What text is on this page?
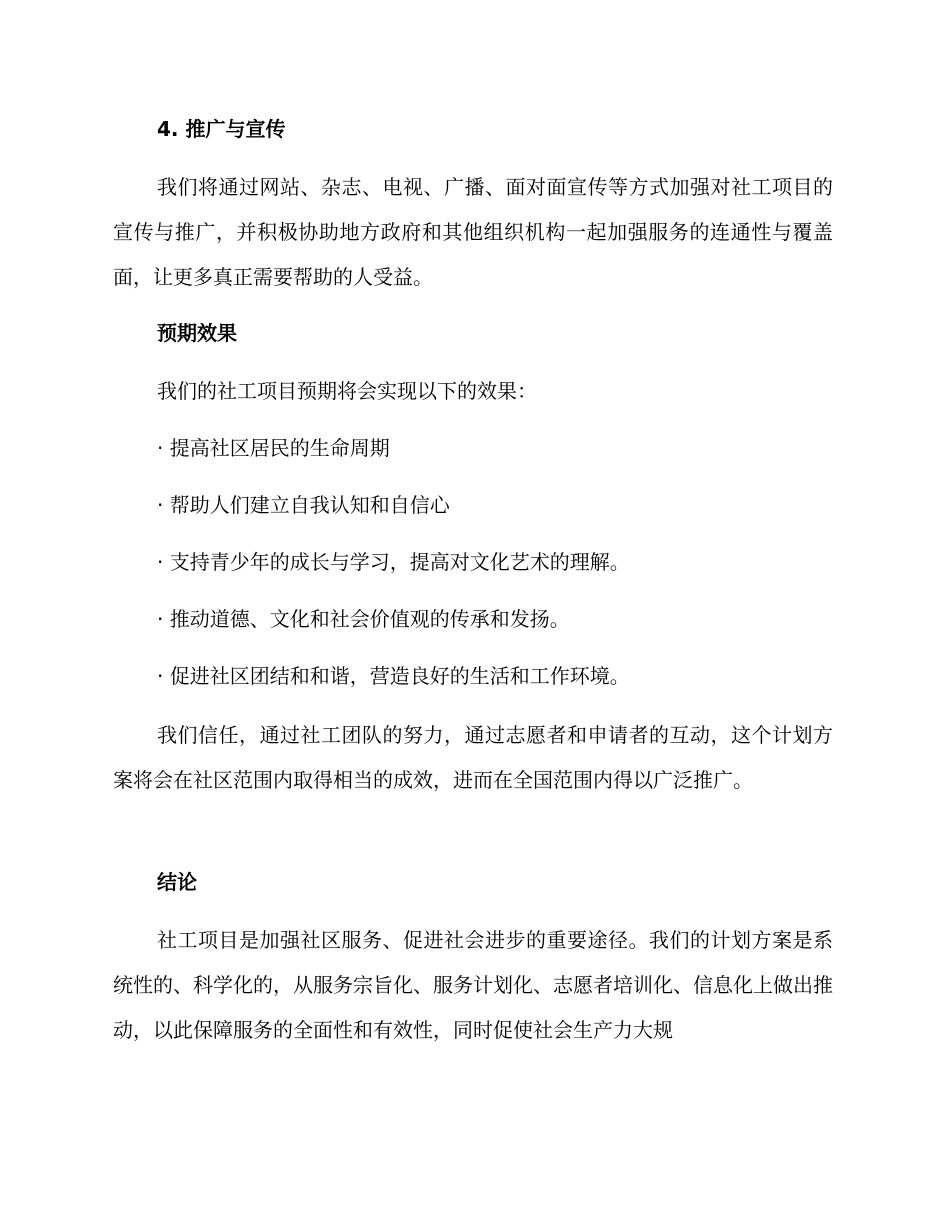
4. 推广与宣传

我们将通过网站、杂志、电视、广播、面对面宣传等方式加强对社工项目的宣传与推广，并积极协助地方政府和其他组织机构一起加强服务的连通性与覆盖面，让更多真正需要帮助的人受益。

预期效果

我们的社工项目预期将会实现以下的效果：

· 提高社区居民的生命周期

· 帮助人们建立自我认知和自信心

· 支持青少年的成长与学习，提高对文化艺术的理解。

· 推动道德、文化和社会价值观的传承和发扬。

· 促进社区团结和和谐，营造良好的生活和工作环境。

我们信任，通过社工团队的努力，通过志愿者和申请者的互动，这个计划方案将会在社区范围内取得相当的成效，进而在全国范围内得以广泛推广。

结论

社工项目是加强社区服务、促进社会进步的重要途径。我们的计划方案是系统性的、科学化的，从服务宗旨化、服务计划化、志愿者培训化、信息化上做出推动，以此保障服务的全面性和有效性，同时促使社会生产力大规
